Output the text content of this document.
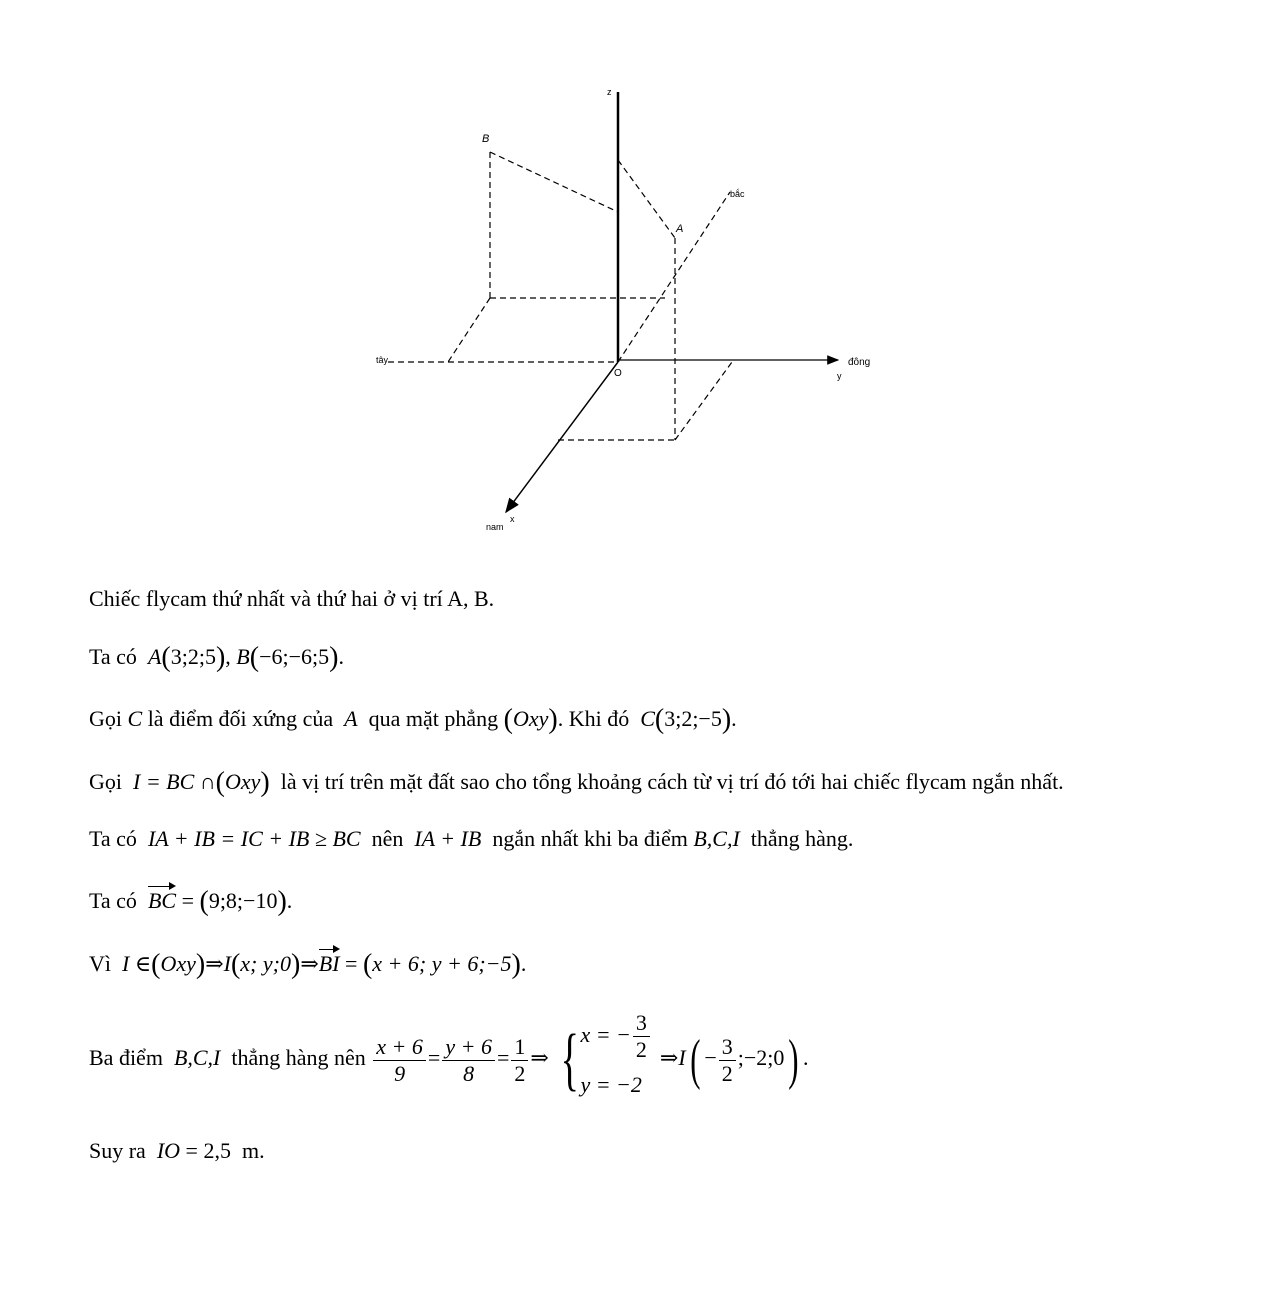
z
B
A
bắc
đông
y
tây
O
nam
x
Chiếc flycam thứ nhất và thứ hai ở vị trí A, B.
Ta có A(3;2;5), B(−6;−6;5).
Gọi C là điểm đối xứng của A qua mặt phẳng (Oxy). Khi đó C(3;2;−5).
Gọi I = BC ∩(Oxy) là vị trí trên mặt đất sao cho tổng khoảng cách từ vị trí đó tới hai chiếc flycam ngắn nhất.
Ta có IA + IB = IC + IB ≥ BC nên IA + IB ngắn nhất khi ba điểm B,C,I thẳng hàng.
Ta có BC = (9;8;−10).
Vì I ∈(Oxy)⇒I(x; y;0)⇒BI = (x + 6; y + 6;−5).
Ba điểm B,C,I thẳng hàng nên $\frac{x + 6}{9} = \frac{y + 6}{8} = \frac{1}{2}$ ⇒ { x = − $\frac{3}{2}$
y = −2
⇒I( − $\frac{3}{2}$ ;−2;0) .
Suy ra IO = 2,5 m.
